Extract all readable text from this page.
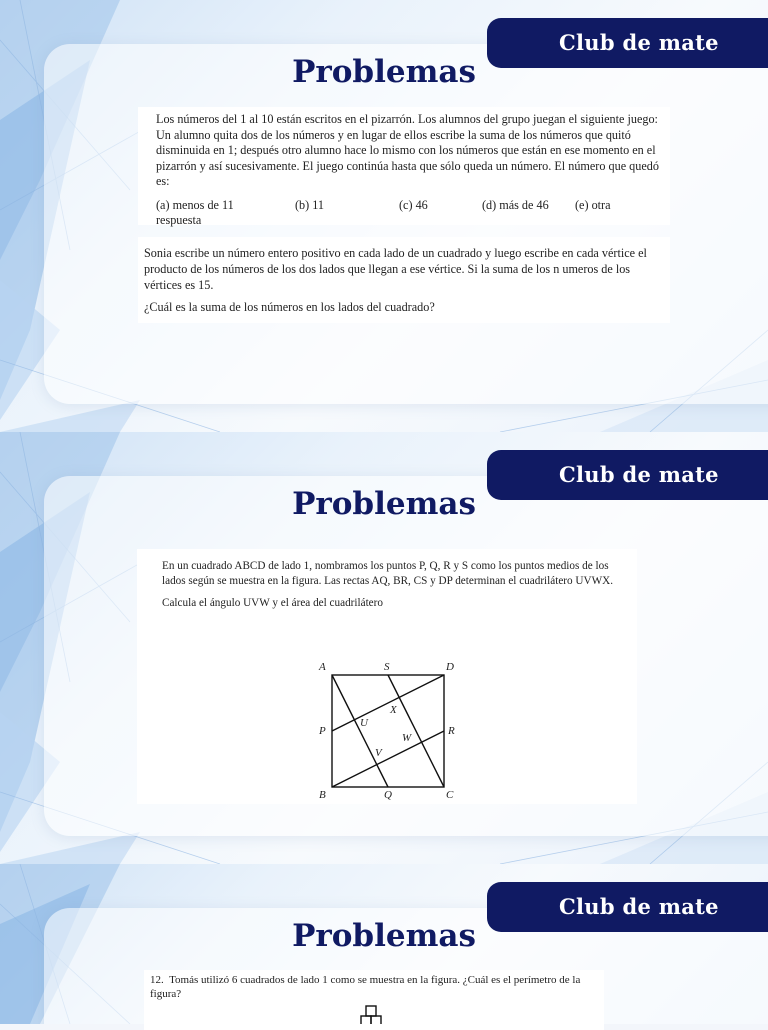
Club de mate
Problemas

Los números del 1 al 10 están escritos en el pizarrón. Los alumnos del grupo juegan el siguiente juego: Un alumno quita dos de los números y en lugar de ellos escribe la suma de los números que quitó disminuida en 1; después otro alumno hace lo mismo con los números que están en ese momento en el pizarrón y así sucesivamente. El juego continúa hasta que sólo queda un número. El número que quedó es:

(a) menos de 11	(b) 11	(c) 46	(d) más de 46 (e) otra
respuesta

Sonia escribe un número entero positivo en cada lado de un cuadrado y luego escribe en cada vértice el producto de los números de los dos lados que llegan a ese vértice. Si la suma de los n umeros de los vértices es 15.

¿Cuál es la suma de los números en los lados del cuadrado?

Club de mate
Problemas

En un cuadrado ABCD de lado 1, nombramos los puntos P, Q, R y S como los puntos medios de los lados según se muestra en la figura. Las rectas AQ, BR, CS y DP determinan el cuadrilátero UVWX.

Calcula el ángulo UVW y el área del cuadrilátero

A	S	D
P	R
B	Q	C
U
X
V
W
Club de mate
Problemas

12. Tomás utilizó 6 cuadrados de lado 1 como se muestra en la figura. ¿Cuál es el perímetro de la figura?
